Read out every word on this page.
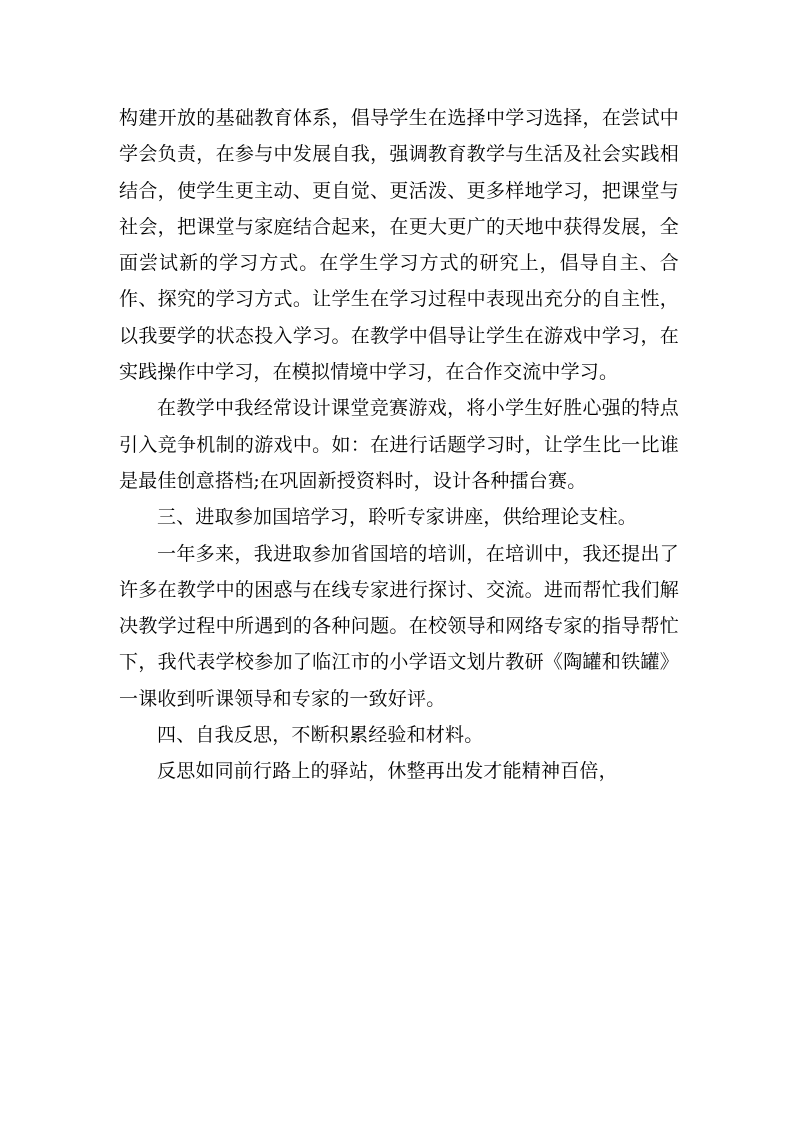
构建开放的基础教育体系，倡导学生在选择中学习选择，在尝试中学会负责，在参与中发展自我，强调教育教学与生活及社会实践相结合，使学生更主动、更自觉、更活泼、更多样地学习，把课堂与社会，把课堂与家庭结合起来，在更大更广的天地中获得发展，全面尝试新的学习方式。在学生学习方式的研究上，倡导自主、合作、探究的学习方式。让学生在学习过程中表现出充分的自主性，以我要学的状态投入学习。在教学中倡导让学生在游戏中学习，在实践操作中学习，在模拟情境中学习，在合作交流中学习。

在教学中我经常设计课堂竞赛游戏，将小学生好胜心强的特点引入竞争机制的游戏中。如：在进行话题学习时，让学生比一比谁是最佳创意搭档;在巩固新授资料时，设计各种擂台赛。

三、进取参加国培学习，聆听专家讲座，供给理论支柱。

一年多来，我进取参加省国培的培训，在培训中，我还提出了许多在教学中的困惑与在线专家进行探讨、交流。进而帮忙我们解决教学过程中所遇到的各种问题。在校领导和网络专家的指导帮忙下，我代表学校参加了临江市的小学语文划片教研《陶罐和铁罐》一课收到听课领导和专家的一致好评。

四、自我反思，不断积累经验和材料。

反思如同前行路上的驿站，休整再出发才能精神百倍，
